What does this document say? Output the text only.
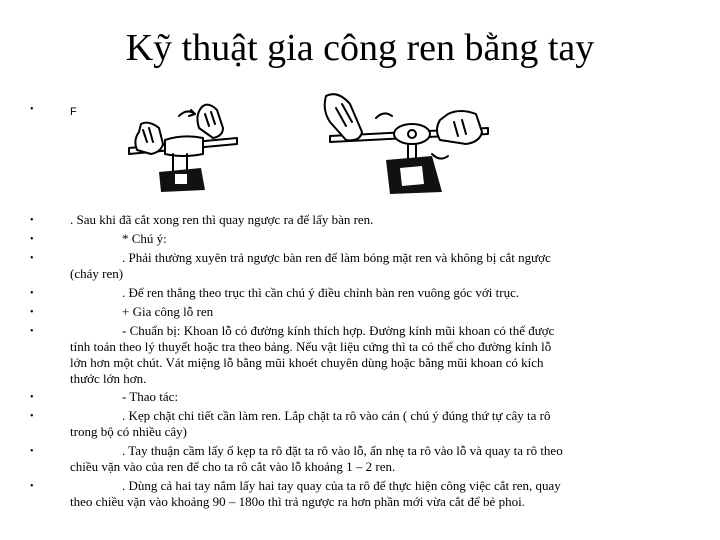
Kỹ thuật gia công ren bằng tay
•	F
•
•
•
•
•
•
•
•
•
•
. Sau khi đã cắt xong ren thì quay ngược ra để lấy bàn ren.
* Chú ý:
. Phải thường xuyên trả ngược bàn ren để làm bóng mặt ren và không bị cắt ngược
(cháy ren)
. Để ren thẳng theo trục thì cần chú ý điều chỉnh bàn ren vuông góc với trục.
+ Gia công lỗ ren
- Chuẩn bị: Khoan lỗ có đường kính thích hợp. Đường kính mũi khoan có thể được
tính toán theo lý thuyết hoặc tra theo bảng. Nếu vật liệu cứng thì ta có thể cho đường kính lỗ
lớn hơn một chút. Vát miệng lỗ bằng mũi khoét chuyên dùng hoặc bằng mũi khoan có kích
thước lớn hơn.
- Thao tác:
. Kẹp chặt chi tiết cần làm ren. Lắp chặt ta rô vào cán ( chú ý đúng thứ tự cây ta rô
trong bộ có nhiều cây)
. Tay thuận cầm lấy ổ kẹp ta rô đặt ta rô vào lỗ, ấn nhẹ ta rô vào lỗ và quay ta rô theo
chiều vặn vào của ren để cho ta rô cắt vào lỗ khoảng 1 – 2 ren.
. Dùng cả hai tay nắm lấy hai tay quay của ta rô để thực hiện công việc cắt ren, quay
theo chiều vặn vào khoảng 90 – 180o thì trả ngược ra hơn phần mới vừa cắt để bẻ phoi.
